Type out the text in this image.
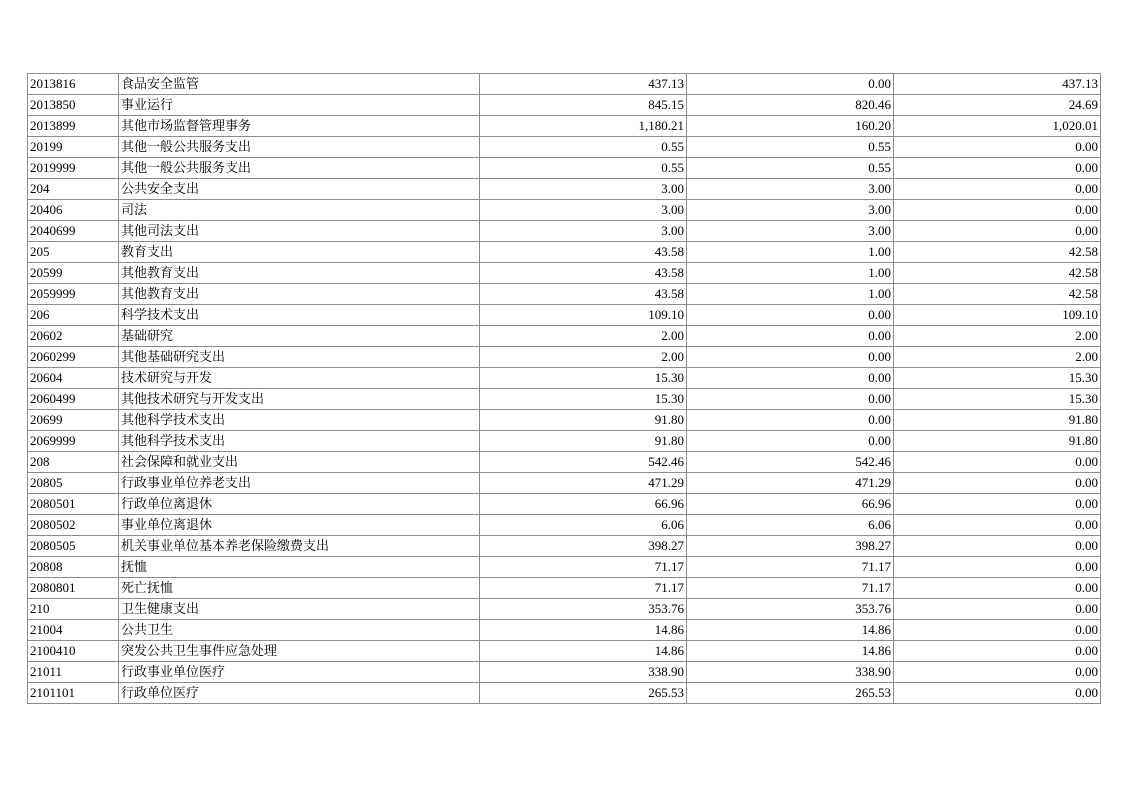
2013816	食品安全监管	437.13	0.00	437.13
2013850	事业运行	845.15	820.46	24.69
2013899	其他市场监督管理事务	1,180.21	160.20	1,020.01
20199	其他一般公共服务支出	0.55	0.55	0.00
2019999	其他一般公共服务支出	0.55	0.55	0.00
204	公共安全支出	3.00	3.00	0.00
20406	司法	3.00	3.00	0.00
2040699	其他司法支出	3.00	3.00	0.00
205	教育支出	43.58	1.00	42.58
20599	其他教育支出	43.58	1.00	42.58
2059999	其他教育支出	43.58	1.00	42.58
206	科学技术支出	109.10	0.00	109.10
20602	基础研究	2.00	0.00	2.00
2060299	其他基础研究支出	2.00	0.00	2.00
20604	技术研究与开发	15.30	0.00	15.30
2060499	其他技术研究与开发支出	15.30	0.00	15.30
20699	其他科学技术支出	91.80	0.00	91.80
2069999	其他科学技术支出	91.80	0.00	91.80
208	社会保障和就业支出	542.46	542.46	0.00
20805	行政事业单位养老支出	471.29	471.29	0.00
2080501	行政单位离退休	66.96	66.96	0.00
2080502	事业单位离退休	6.06	6.06	0.00
2080505	机关事业单位基本养老保险缴费支出	398.27	398.27	0.00
20808	抚恤	71.17	71.17	0.00
2080801	死亡抚恤	71.17	71.17	0.00
210	卫生健康支出	353.76	353.76	0.00
21004	公共卫生	14.86	14.86	0.00
2100410	突发公共卫生事件应急处理	14.86	14.86	0.00
21011	行政事业单位医疗	338.90	338.90	0.00
2101101	行政单位医疗	265.53	265.53	0.00
